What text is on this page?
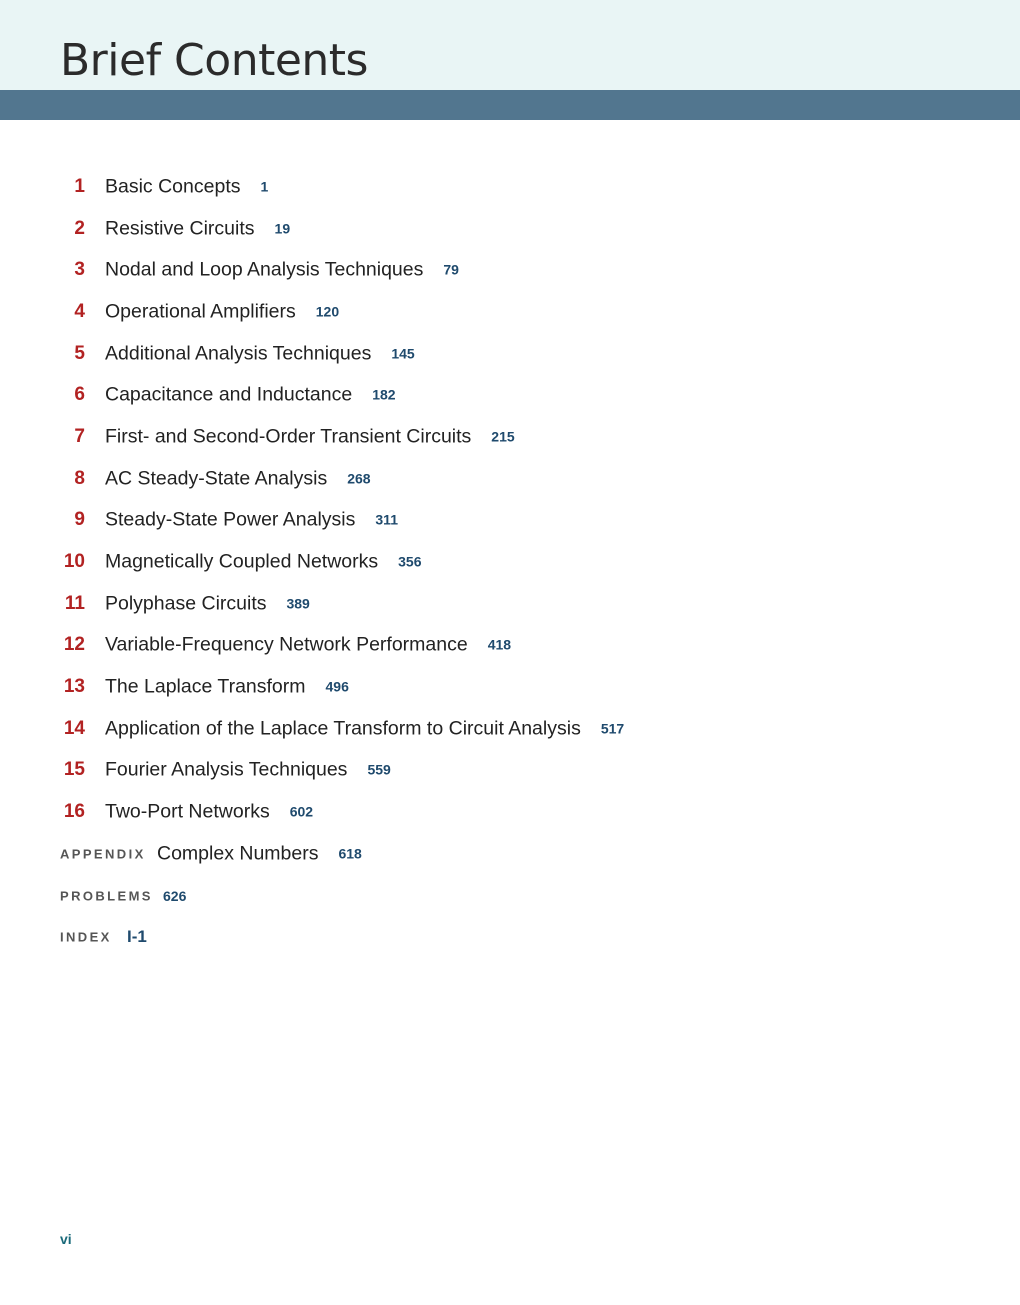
Brief Contents
1 Basic Concepts 1
2 Resistive Circuits 19
3 Nodal and Loop Analysis Techniques 79
4 Operational Amplifiers 120
5 Additional Analysis Techniques 145
6 Capacitance and Inductance 182
7 First- and Second-Order Transient Circuits 215
8 AC Steady-State Analysis 268
9 Steady-State Power Analysis 311
10 Magnetically Coupled Networks 356
11 Polyphase Circuits 389
12 Variable-Frequency Network Performance 418
13 The Laplace Transform 496
14 Application of the Laplace Transform to Circuit Analysis 517
15 Fourier Analysis Techniques 559
16 Two-Port Networks 602
APPENDIX Complex Numbers 618
PROBLEMS 626
INDEX I-1
vi
